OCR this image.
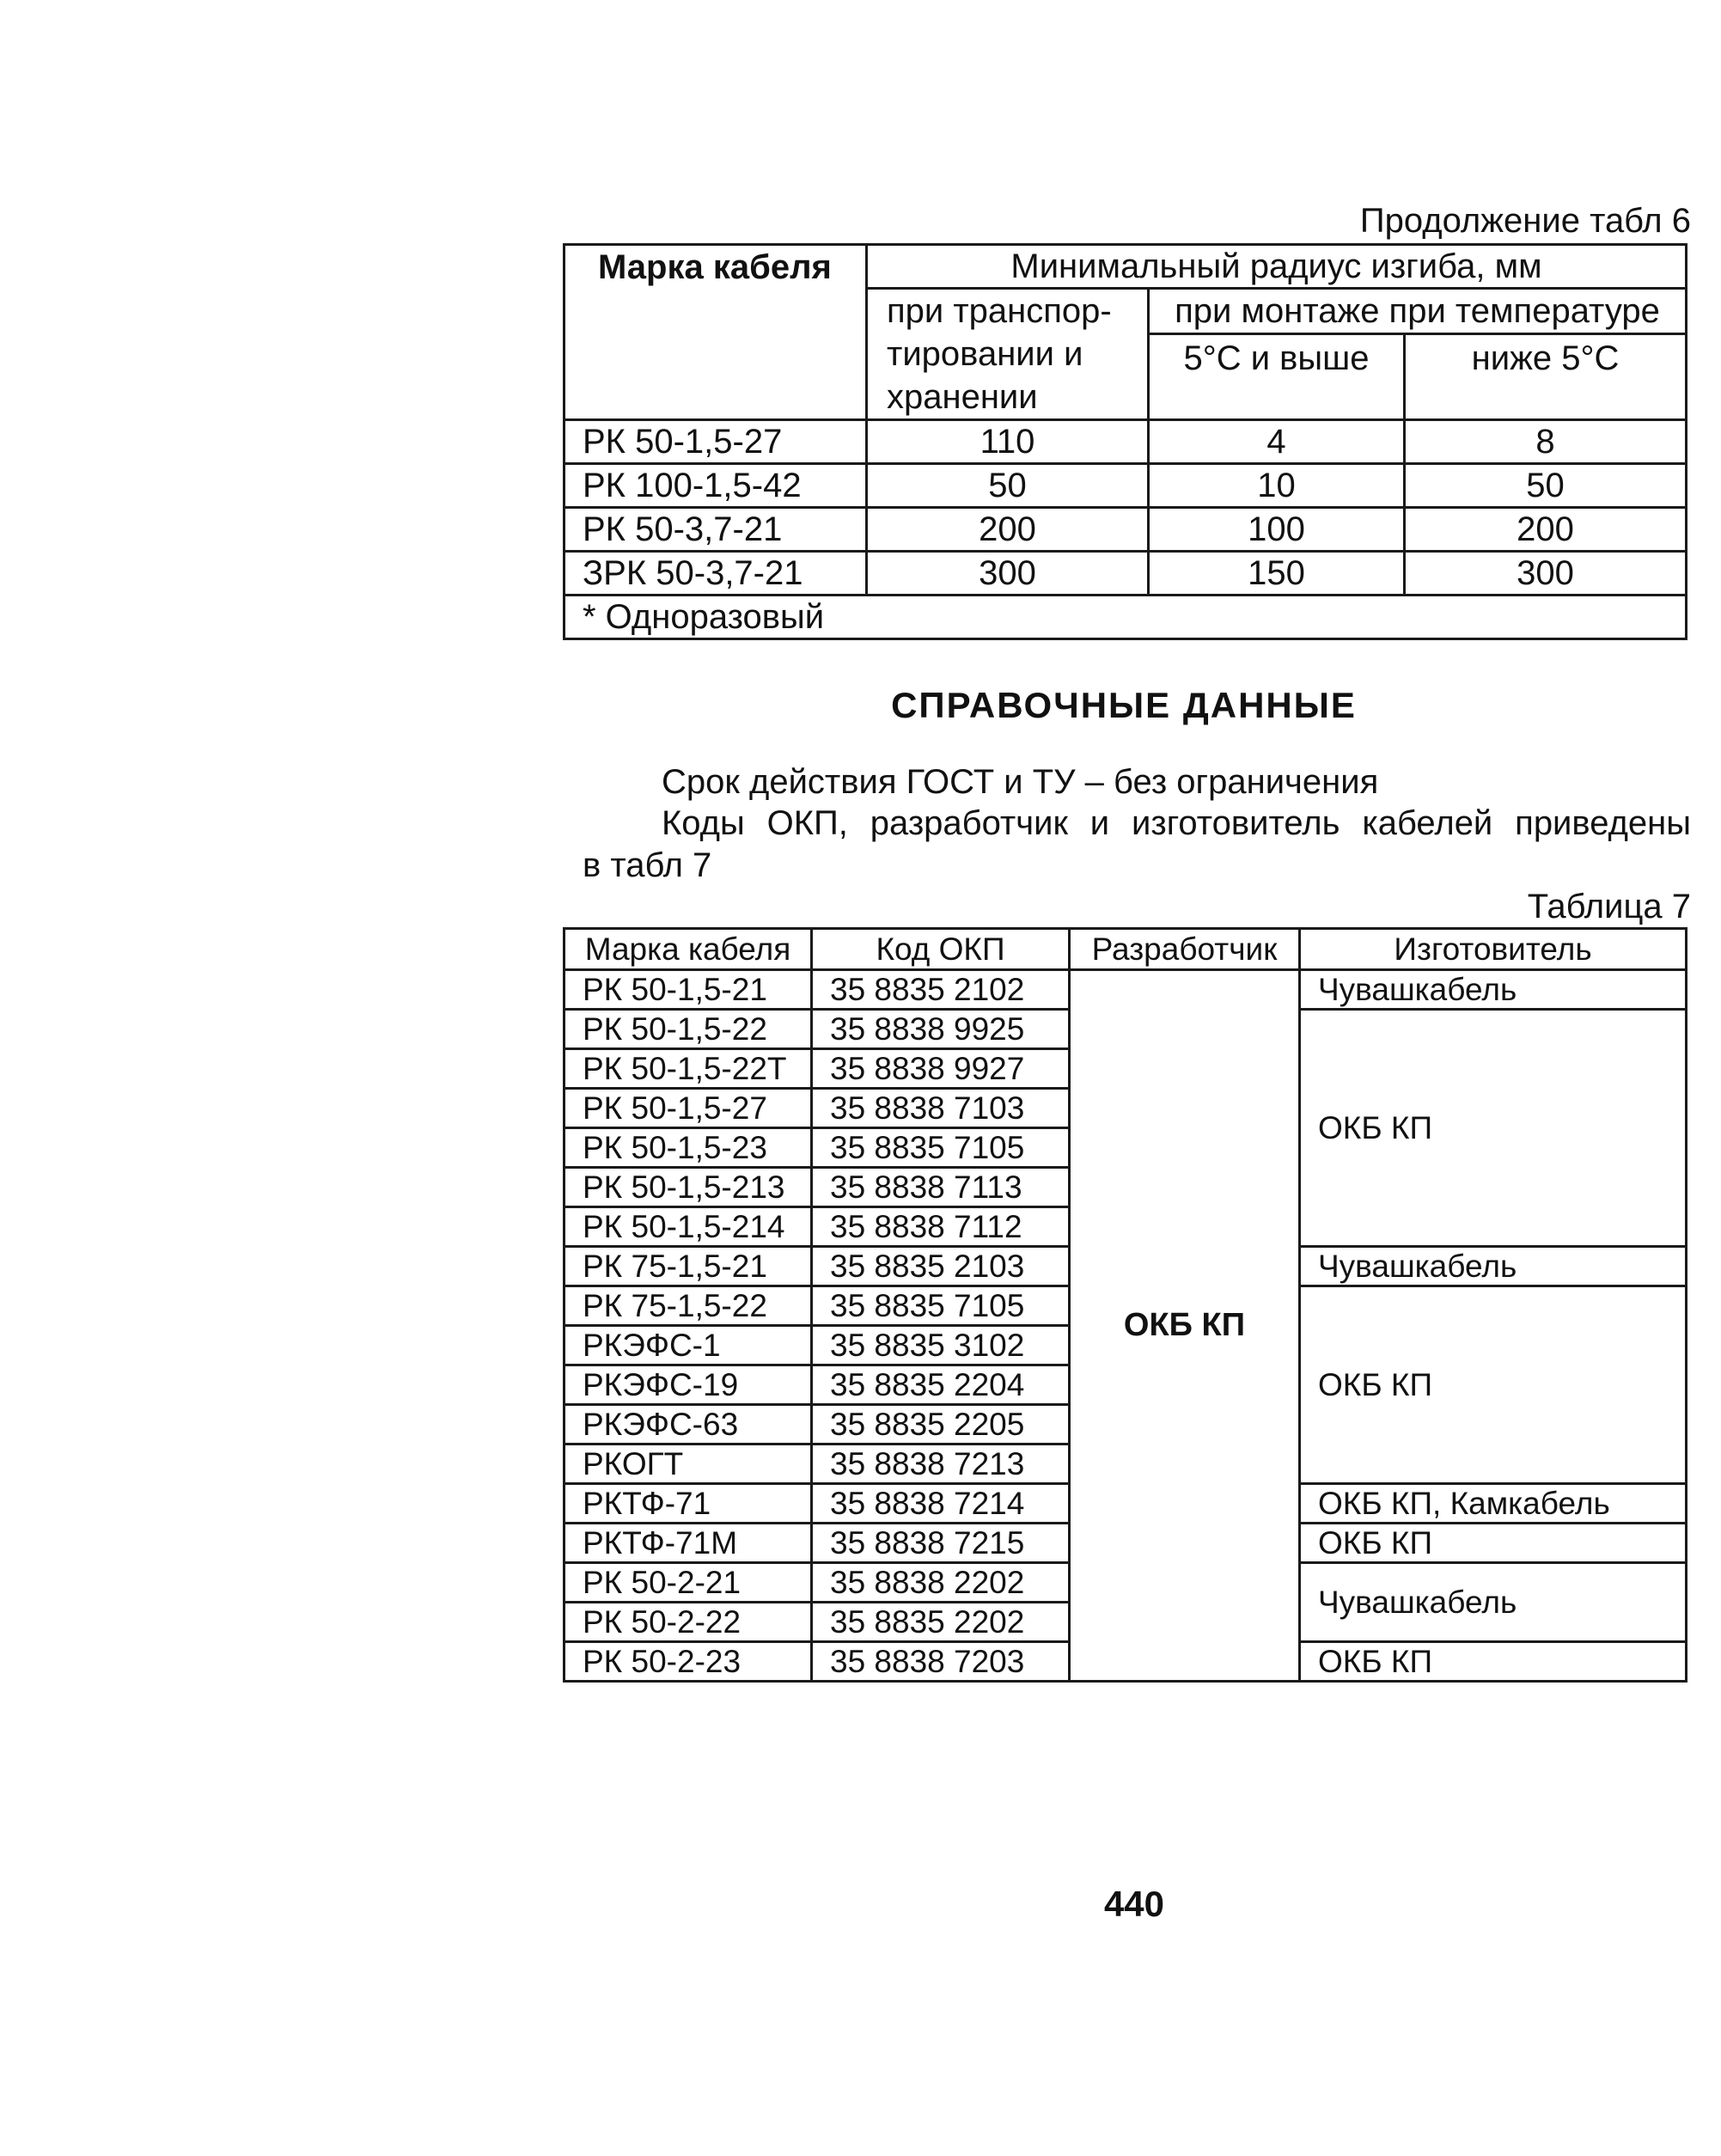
Продолжение табл 6
Марка кабеля	Минимальный радиус изгиба, мм		
	при транспор-тировании и хранении	при монтаже при температуре	
		5°C и выше	ниже 5°C
РК 50-1,5-27	110	4	8
РК 100-1,5-42	50	10	50
РК 50-3,7-21	200	100	200
ЗРК 50-3,7-21	300	150	300
* Одноразовый			
СПРАВОЧНЫЕ ДАННЫЕ
Срок действия ГОСТ и ТУ – без ограничения
Коды ОКП, разработчик и изготовитель кабелей приведены
в табл 7
Таблица 7
Марка кабеля	Код ОКП	Разработчик	Изготовитель
РК 50-1,5-21	35 8835 2102	ОКБ КП	Чувашкабель
РК 50-1,5-22	35 8838 9925		ОКБ КП
РК 50-1,5-22Т	35 8838 9927		
РК 50-1,5-27	35 8838 7103		
РК 50-1,5-23	35 8835 7105		
РК 50-1,5-213	35 8838 7113		
РК 50-1,5-214	35 8838 7112		
РК 75-1,5-21	35 8835 2103		Чувашкабель
РК 75-1,5-22	35 8835 7105		ОКБ КП
РКЭФС-1	35 8835 3102		
РКЭФС-19	35 8835 2204		
РКЭФС-63	35 8835 2205		
РКОГТ	35 8838 7213		
РКТФ-71	35 8838 7214		ОКБ КП, Камкабель
РКТФ-71М	35 8838 7215		ОКБ КП
РК 50-2-21	35 8838 2202		Чувашкабель
РК 50-2-22	35 8835 2202		
РК 50-2-23	35 8838 7203		ОКБ КП
440
